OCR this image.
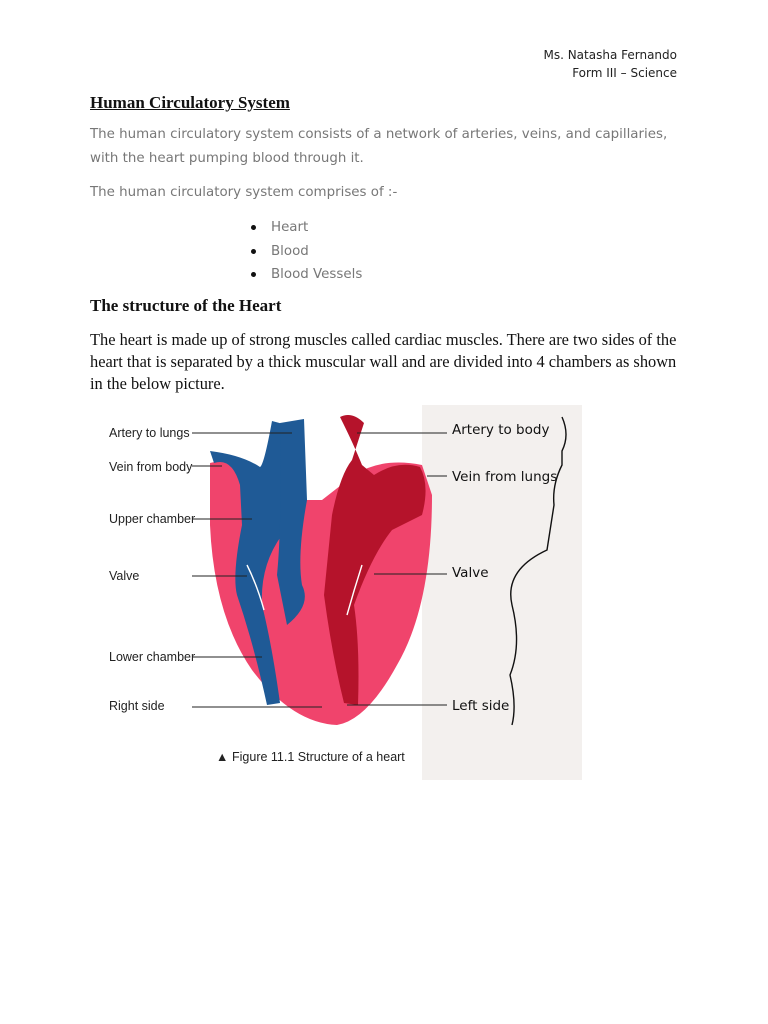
Ms. Natasha Fernando
Form III – Science
Human Circulatory System

The human circulatory system consists of a network of arteries, veins, and capillaries, with the heart pumping blood through it.

The human circulatory system comprises of :-

Heart
Blood
Blood Vessels
The structure of the Heart

The heart is made up of strong muscles called cardiac muscles. There are two sides of the heart that is separated by a thick muscular wall and are divided into 4 chambers as shown in the below picture.

Artery to lungs
Vein from body
Upper chamber
Valve
Lower chamber
Right side
Artery to body
Vein from lungs
Valve
Left side
▲ Figure 11.1 Structure of a heart
